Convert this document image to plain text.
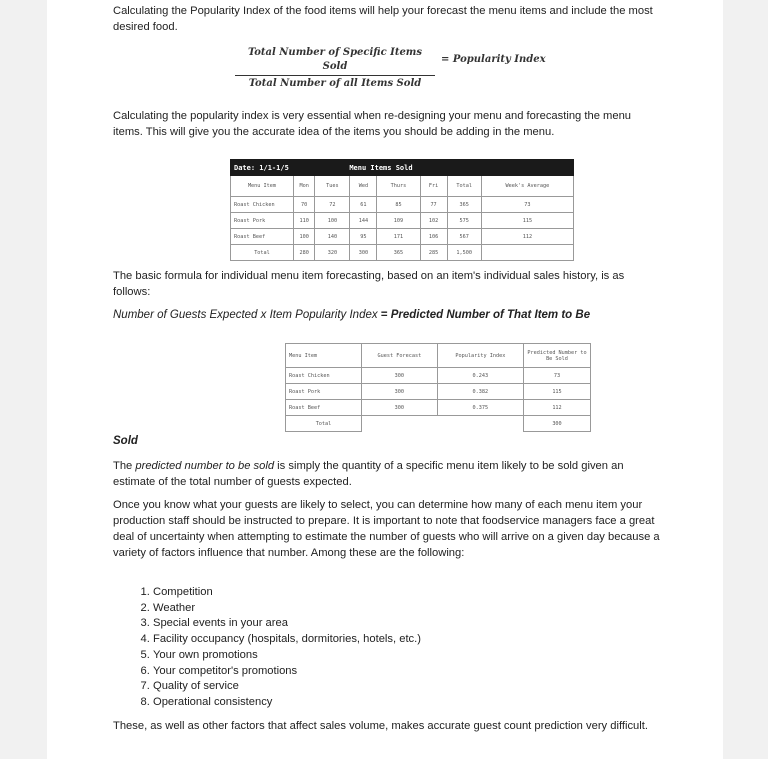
Calculating the Popularity Index of the food items will help your forecast the menu items and include the most desired food.

Total Number of Specific Items Sold
Total Number of all Items Sold
= Popularity Index

Calculating the popularity index is very essential when re-designing your menu and forecasting the menu items. This will give you the accurate idea of the items you should be adding in the menu.

Date: 1/1-1/5		Menu Items Sold					
Menu Item	Mon	Tues	Wed	Thurs	Fri	Total	Week's Average
Roast Chicken	70	72	61	85	77	365	73
Roast Pork	110	100	144	109	102	575	115
Roast Beef	100	140	95	171	106	567	112
Total	280	320	300	365	285	1,500	

The basic formula for individual menu item forecasting, based on an item's individual sales history, is as follows:

Number of Guests Expected x Item Popularity Index = Predicted Number of That Item to Be

Menu Item	Guest Forecast	Popularity Index	Predicted Number to Be Sold
Roast Chicken	300	0.243	73
Roast Pork	300	0.382	115
Roast Beef	300	0.375	112
Total			300

Sold

The predicted number to be sold is simply the quantity of a specific menu item likely to be sold given an estimate of the total number of guests expected.

Once you know what your guests are likely to select, you can determine how many of each menu item your production staff should be instructed to prepare. It is important to note that foodservice managers face a great deal of uncertainty when attempting to estimate the number of guests who will arrive on a given day because a variety of factors influence that number. Among these are the following:

1. Competition
2. Weather
3. Special events in your area
4. Facility occupancy (hospitals, dormitories, hotels, etc.)
5. Your own promotions
6. Your competitor's promotions
7. Quality of service
8. Operational consistency

These, as well as other factors that affect sales volume, makes accurate guest count prediction very difficult.
